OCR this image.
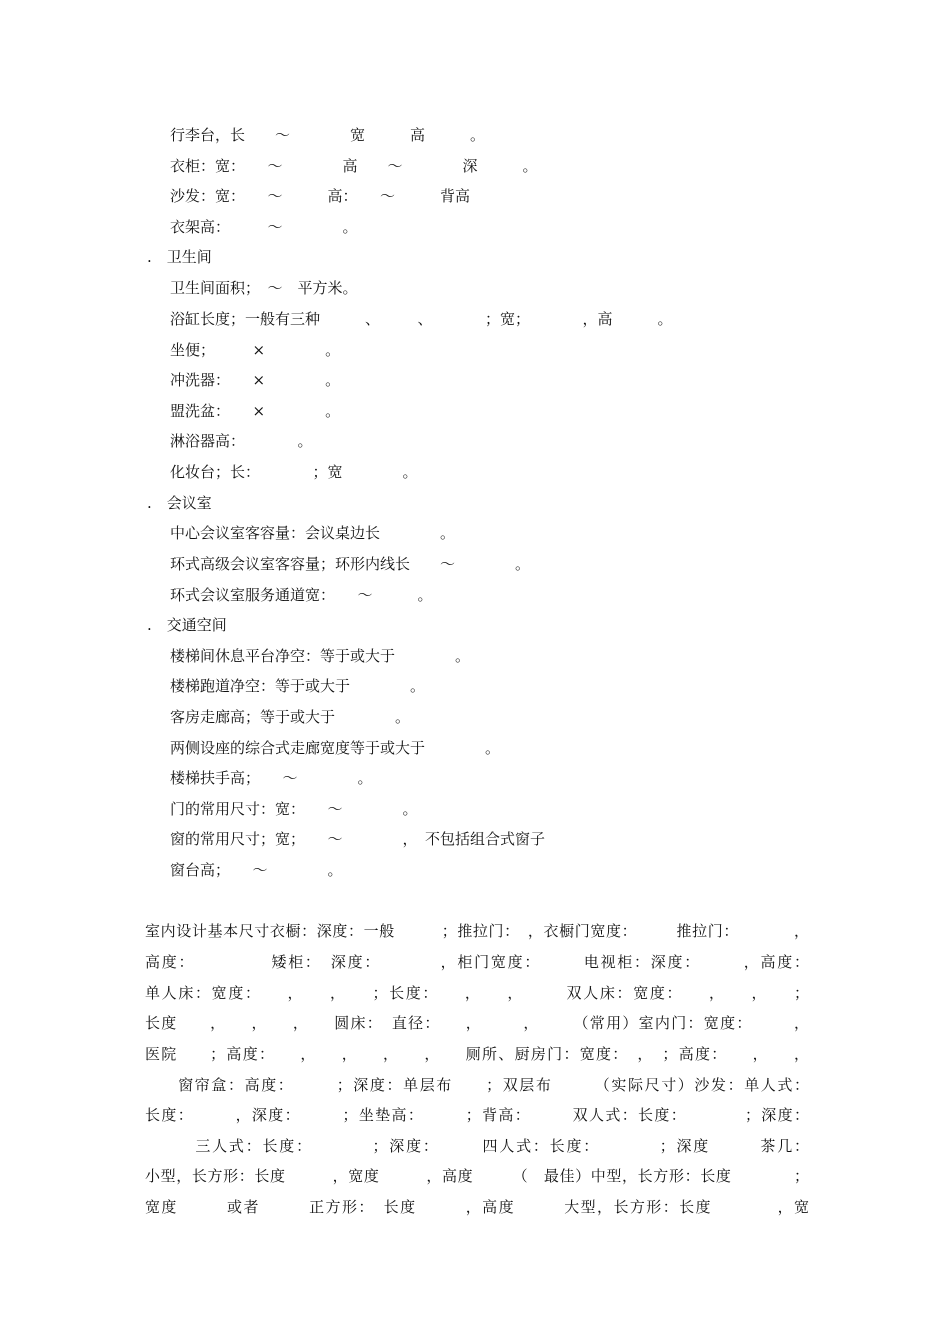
行李台，长　　～　　　　宽　　　高　　　。
衣柜：宽：　　～　　　　高　　～　　　　深　　　。
沙发：宽：　　～　　　高：　　～　　　背高
衣架高：　　　～　　　　。
.　卫生间
卫生间面积；　～　平方米。
浴缸长度；一般有三种　　　、　　　、　　　　；宽；　　　　，高　　　。
坐便；　　　×　　　　。
冲洗器：　　×　　　　。
盟洗盆：　　×　　　　。
淋浴器高：　　　　。
化妆台；长：　　　　；宽　　　　。
.　会议室
中心会议室客容量：会议桌边长　　　　。
环式高级会议室客容量；环形内线长　　～　　　　。
环式会议室服务通道宽：　　～　　　。
.　交通空间
楼梯间休息平台净空：等于或大于　　　　。
楼梯跑道净空：等于或大于　　　　。
客房走廊高；等于或大于　　　　。
两侧设座的综合式走廊宽度等于或大于　　　　。
楼梯扶手高；　　～　　　　。
门的常用尺寸：宽：　　～　　　　。
窗的常用尺寸；宽；　　～　　　　，　不包括组合式窗子
窗台高；　　～　　　　。
室内设计基本尺寸衣橱：深度：一般　　　；推拉门：　，衣橱门宽度：　　　推拉门：　　　　，
高度：　　　　　矮柜：　深度：　　　　，柜门宽度：　　　电视柜：深度：　　　，高度：
单人床：宽度：　　，　　，　　；长度：　　，　　，　　　双人床：宽度：　　，　　，　　；
长度　　，　　，　　，　　圆床：　直径：　　，　　　，　　　（常用）室内门：宽度：　　　，
医院　　；高度：　　，　　，　　，　　，　　厕所、厨房门：宽度：　，　；高度：　　，　　，
　　窗帘盒：高度：　　　；深度：单层布　　；双层布　　　（实际尺寸）沙发：单人式：
长度：　　　，深度：　　　；坐垫高：　　　；背高：　　　双人式：长度：　　　　；深度：
　　　三人式：长度：　　　　；深度：　　　四人式：长度：　　　　；深度　　　茶几：
小型，长方形：长度　　　，宽度　　　，高度　　　（　最佳）中型，长方形：长度　　　　；
宽度　　　或者　　　正方形：　长度　　　，高度　　　大型，长方形：长度　　　　，宽
